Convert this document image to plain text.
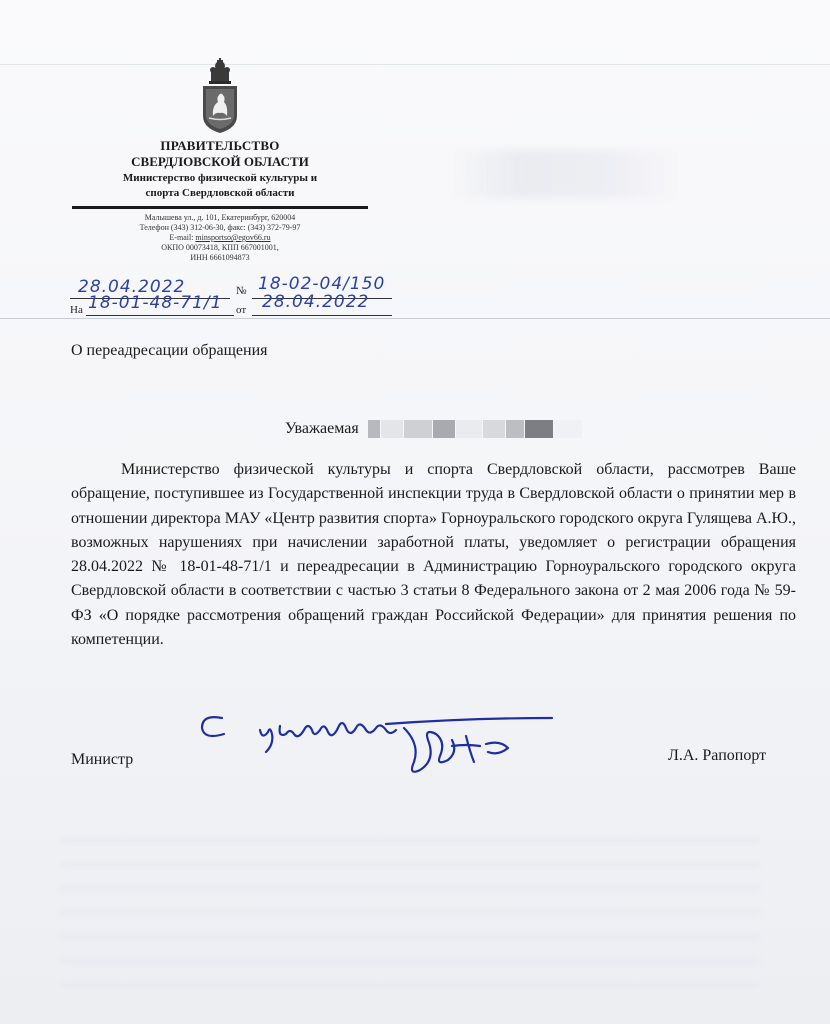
ПРАВИТЕЛЬСТВО
СВЕРДЛОВСКОЙ ОБЛАСТИ
Министерство физической культуры и
спорта Свердловской области
Малышева ул., д. 101, Екатеринбург, 620004
Телефон (343) 312-06-30, факс: (343) 372-79-97
E-mail: minsportso@egov66.ru
ОКПО 00073418, КПП 667001001,
ИНН 6661094873
28.04.2022	№ 18-02-04/150
На 18-01-48-71/1 от 28.04.2022
О переадресации обращения
Уважаемая

Министерство физической культуры и спорта Свердловской области, рассмотрев Ваше обращение, поступившее из Государственной инспекции труда в Свердловской области о принятии мер в отношении директора МАУ «Центр развития спорта» Горноуральского городского округа Гулящева А.Ю., возможных нарушениях при начислении заработной платы, уведомляет о регистрации обращения 28.04.2022 № 18-01-48-71/1 и переадресации в Администрацию Горноуральского городского округа Свердловской области в соответствии с частью 3 статьи 8 Федерального закона от 2 мая 2006 года № 59-ФЗ «О порядке рассмотрения обращений граждан Российской Федерации» для принятия решения по компетенции.

Министр	Л.А. Рапопорт
